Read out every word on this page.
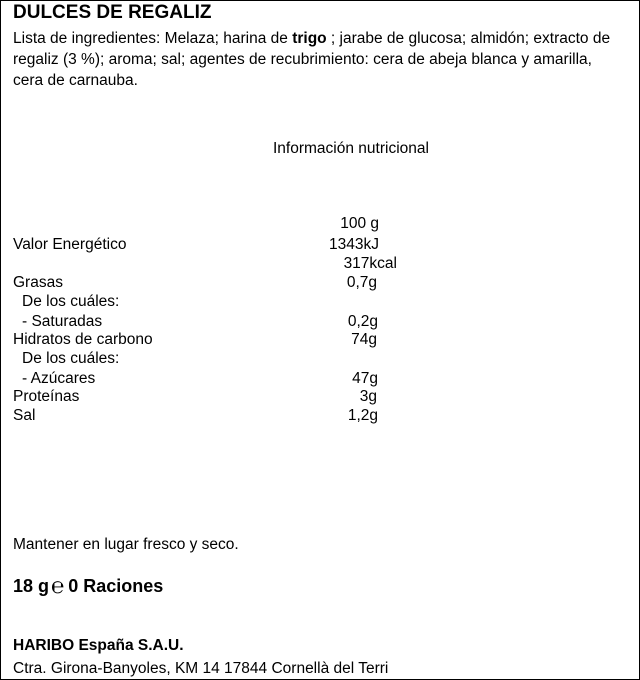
DULCES DE REGALIZ
Lista de ingredientes: Melaza; harina de trigo ; jarabe de glucosa; almidón; extracto de regaliz (3 %); aroma; sal; agentes de recubrimiento: cera de abeja blanca y amarilla, cera de carnauba.
Información nutricional
100 g
Valor Energético	1343kJ
317kcal
Grasas	0,7g
De los cuáles:
- Saturadas	0,2g
Hidratos de carbono	74g
De los cuáles:
- Azúcares	47g
Proteínas	3g
Sal	1,2g
Mantener en lugar fresco y seco.
18 g℮ 0 Raciones
HARIBO España S.A.U.
Ctra. Girona-Banyoles, KM 14 17844 Cornellà del Terri
